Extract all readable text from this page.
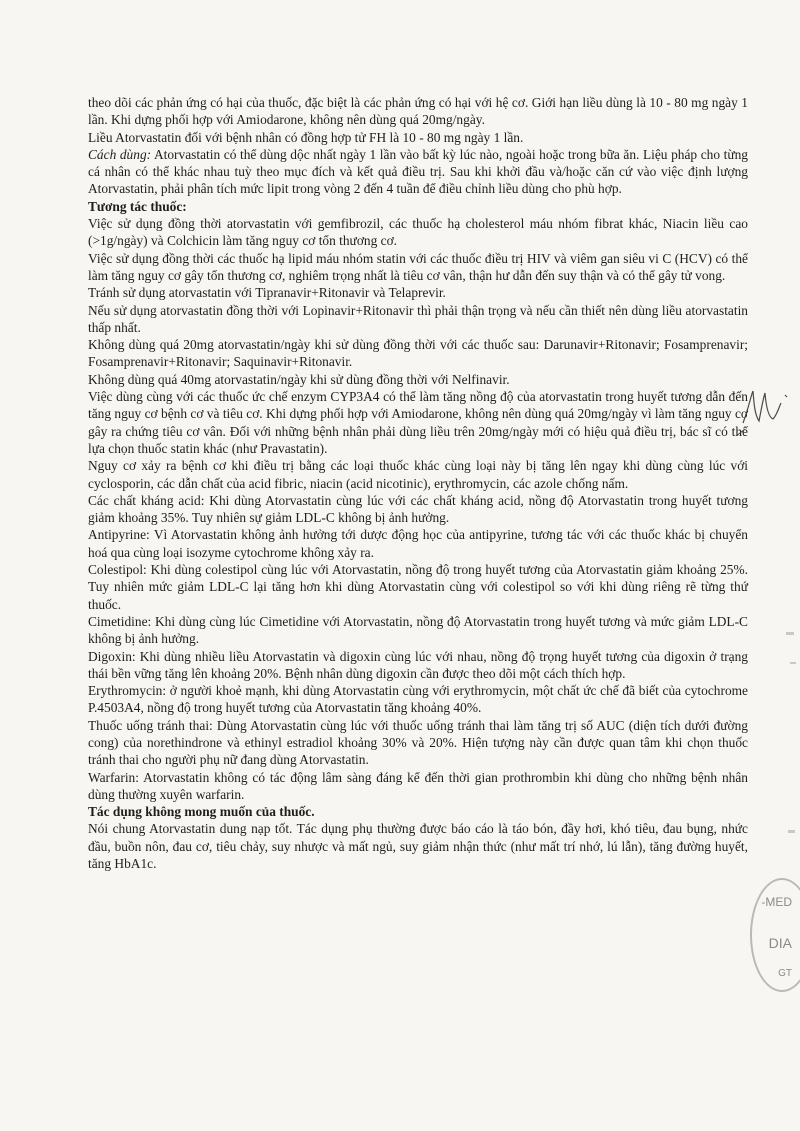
theo dõi các phản ứng có hại của thuốc, đặc biệt là các phản ứng có hại với hệ cơ. Giới hạn liều dùng là 10 - 80 mg ngày 1 lần. Khi dựng phối hợp với Amiodarone, không nên dùng quá 20mg/ngày.

Liều Atorvastatin đối với bệnh nhân có đồng hợp tử FH là 10 - 80 mg ngày 1 lần.

Cách dùng: Atorvastatin có thể dùng dộc nhất ngày 1 lần vào bất kỳ lúc nào, ngoài hoặc trong bữa ăn. Liệu pháp cho từng cá nhân có thể khác nhau tuỳ theo mục đích và kết quả điều trị. Sau khi khởi đầu và/hoặc căn cứ vào việc định lượng Atorvastatin, phải phân tích mức lipit trong vòng 2 đến 4 tuần để điều chỉnh liều dùng cho phù hợp.

Tương tác thuốc:

Việc sử dụng đồng thời atorvastatin với gemfibrozil, các thuốc hạ cholesterol máu nhóm fibrat khác, Niacin liều cao (>1g/ngày) và Colchicin làm tăng nguy cơ tổn thương cơ.

Việc sử dụng đồng thời các thuốc hạ lipid máu nhóm statin với các thuốc điều trị HIV và viêm gan siêu vi C (HCV) có thể làm tăng nguy cơ gây tổn thương cơ, nghiêm trọng nhất là tiêu cơ vân, thận hư dẫn đến suy thận và có thể gây tử vong.

Tránh sử dụng atorvastatin với Tipranavir+Ritonavir và Telaprevir.

Nếu sử dụng atorvastatin đồng thời với Lopinavir+Ritonavir thì phải thận trọng và nếu cần thiết nên dùng liều atorvastatin thấp nhất.

Không dùng quá 20mg atorvastatin/ngày khi sử dùng đồng thời với các thuốc sau: Darunavir+Ritonavir; Fosamprenavir; Fosamprenavir+Ritonavir; Saquinavir+Ritonavir.

Không dùng quá 40mg atorvastatin/ngày khi sử dùng đồng thời với Nelfinavir.

Việc dùng cùng với các thuốc ức chế enzym CYP3A4 có thể làm tăng nồng độ của atorvastatin trong huyết tương dẫn đến tăng nguy cơ bệnh cơ và tiêu cơ. Khi dựng phối hợp với Amiodarone, không nên dùng quá 20mg/ngày vì làm tăng nguy cơ gây ra chứng tiêu cơ vân. Đối với những bệnh nhân phải dùng liều trên 20mg/ngày mới có hiệu quả điều trị, bác sĩ có thể lựa chọn thuốc statin khác (như Pravastatin).

Nguy cơ xảy ra bệnh cơ khi điều trị bằng các loại thuốc khác cùng loại này bị tăng lên ngay khi dùng cùng lúc với cyclosporin, các dẫn chất của acid fibric, niacin (acid nicotinic), erythromycin, các azole chống nấm.

Các chất kháng acid: Khi dùng Atorvastatin cùng lúc với các chất kháng acid, nồng độ Atorvastatin trong huyết tương giảm khoảng 35%. Tuy nhiên sự giảm LDL-C không bị ảnh hưởng.

Antipyrine: Vì Atorvastatin không ảnh hưởng tới dược động học của antipyrine, tương tác với các thuốc khác bị chuyển hoá qua cùng loại isozyme cytochrome không xảy ra.

Colestipol: Khi dùng colestipol cùng lúc với Atorvastatin, nồng độ trong huyết tương của Atorvastatin giảm khoảng 25%. Tuy nhiên mức giảm LDL-C lại tăng hơn khi dùng Atorvastatin cùng với colestipol so với khi dùng riêng rẽ từng thứ thuốc.

Cimetidine: Khi dùng cùng lúc Cimetidine với Atorvastatin, nồng độ Atorvastatin trong huyết tương và mức giảm LDL-C không bị ảnh hưởng.

Digoxin: Khi dùng nhiều liều Atorvastatin và digoxin cùng lúc với nhau, nồng độ trọng huyết tương của digoxin ở trạng thái bền vững tăng lên khoảng 20%. Bệnh nhân dùng digoxin cần được theo dõi một cách thích hợp.

Erythromycin: ở người khoẻ mạnh, khi dùng Atorvastatin cùng với erythromycin, một chất ức chế đã biết của cytochrome P.4503A4, nồng độ trong huyết tương của Atorvastatin tăng khoảng 40%.

Thuốc uống tránh thai: Dùng Atorvastatin cùng lúc với thuốc uống tránh thai làm tăng trị số AUC (diện tích dưới đường cong) của norethindrone và ethinyl estradiol khoảng 30% và 20%. Hiện tượng này cần được quan tâm khi chọn thuốc tránh thai cho người phụ nữ đang dùng Atorvastatin.

Warfarin: Atorvastatin không có tác động lâm sàng đáng kể đến thời gian prothrombin khi dùng cho những bệnh nhân dùng thường xuyên warfarin.

Tác dụng không mong muốn của thuốc.

Nói chung Atorvastatin dung nạp tốt. Tác dụng phụ thường được báo cáo là táo bón, đầy hơi, khó tiêu, đau bụng, nhức đầu, buồn nôn, đau cơ, tiêu chảy, suy nhược và mất ngủ, suy giảm nhận thức (như mất trí nhớ, lú lẫn), tăng đường huyết, tăng HbA1c.

-MED
DIA
GT
